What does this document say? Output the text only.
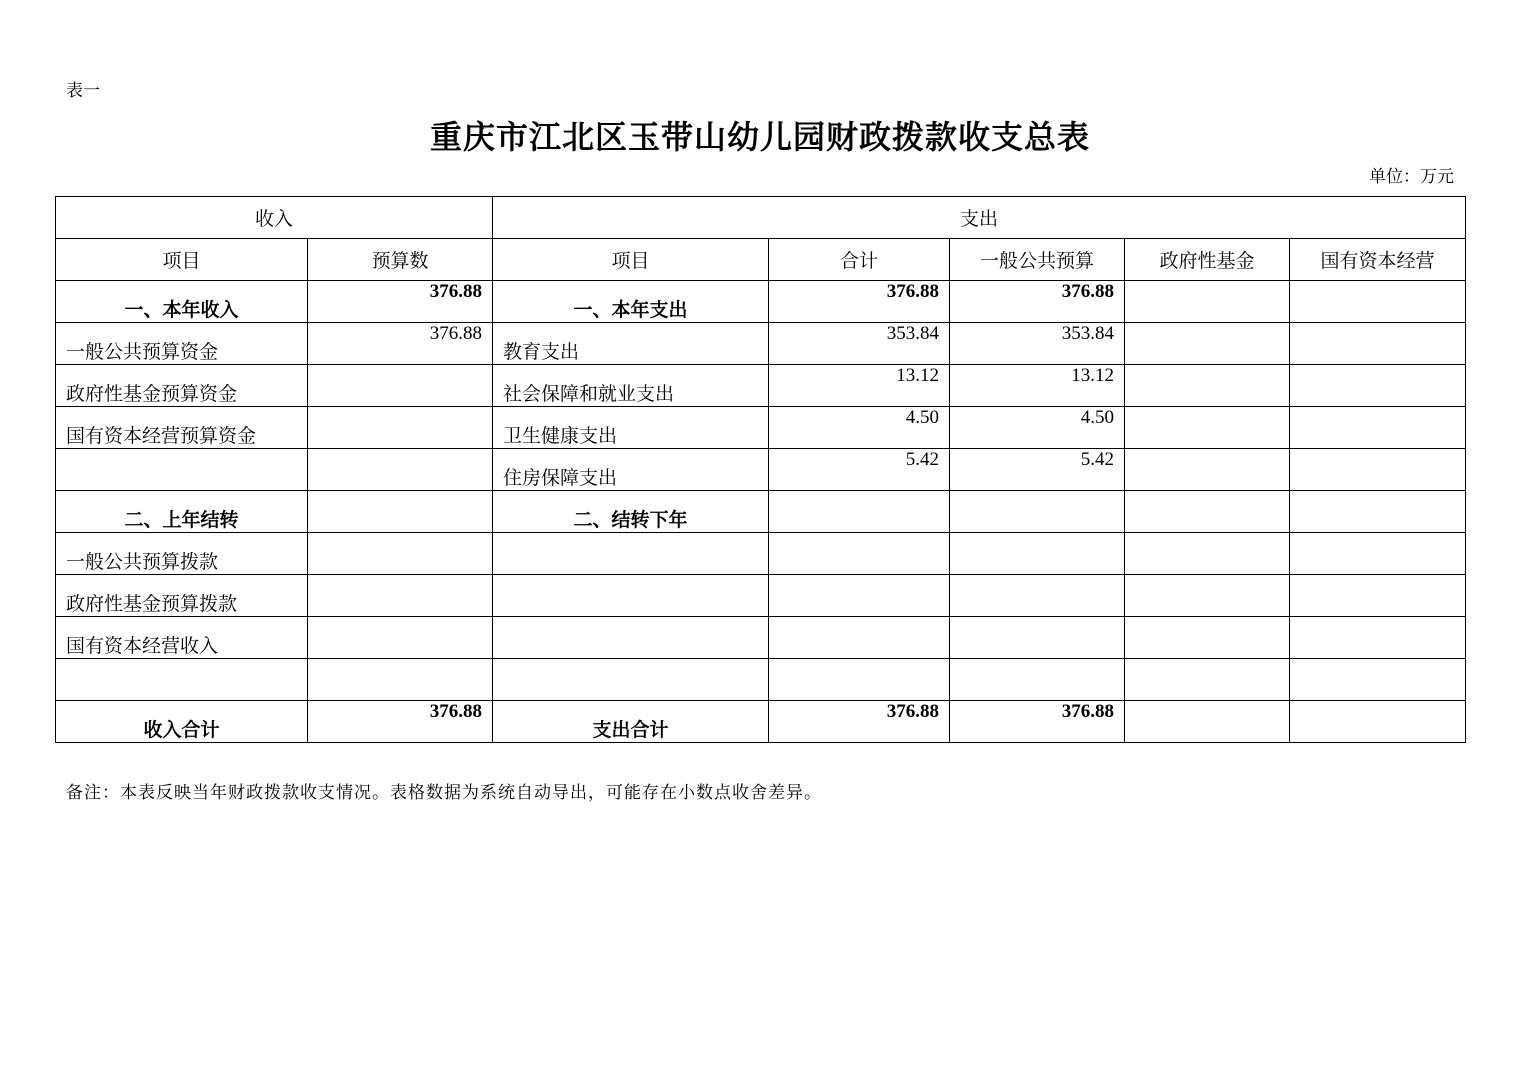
表一
重庆市江北区玉带山幼儿园财政拨款收支总表
单位：万元
收入		支出				
项目	预算数	项目	合计	一般公共预算	政府性基金	国有资本经营
一、本年收入	376.88	一、本年支出	376.88	376.88		
一般公共预算资金	376.88	教育支出	353.84	353.84		
政府性基金预算资金		社会保障和就业支出	13.12	13.12		
国有资本经营预算资金		卫生健康支出	4.50	4.50		
		住房保障支出	5.42	5.42		
二、上年结转		二、结转下年				
一般公共预算拨款						
政府性基金预算拨款						
国有资本经营收入						

收入合计	376.88	支出合计	376.88	376.88		
备注：本表反映当年财政拨款收支情况。表格数据为系统自动导出，可能存在小数点收舍差异。
